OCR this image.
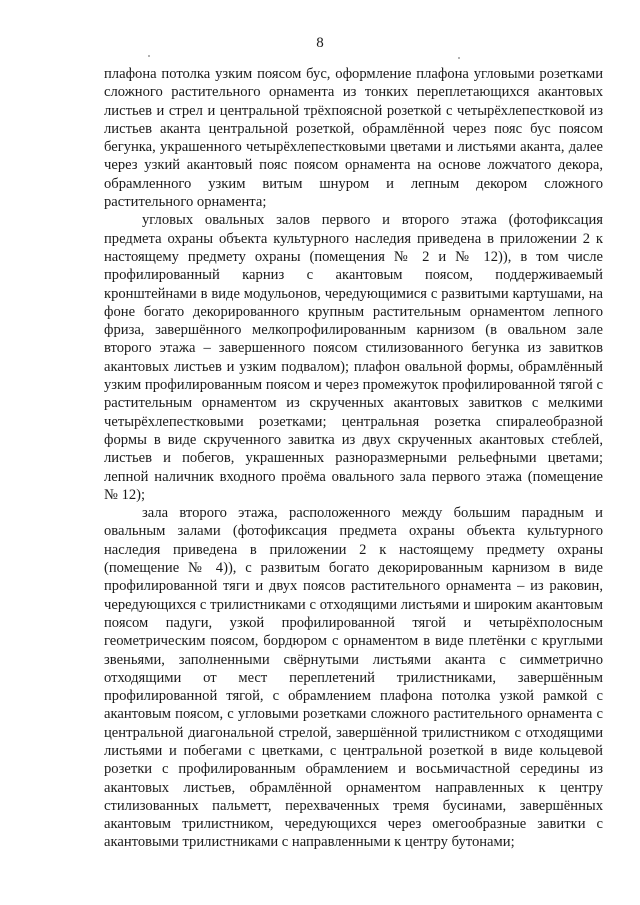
8

плафона потолка узким поясом бус, оформление плафона угловыми розетками сложного растительного орнамента из тонких переплетающихся акантовых листьев и стрел и центральной трёхпоясной розеткой с четырёхлепестковой из листьев аканта центральной розеткой, обрамлённой через пояс бус поясом бегунка, украшенного четырёхлепестковыми цветами и листьями аканта, далее через узкий акантовый пояс поясом орнамента на основе ложчатого декора, обрамленного узким витым шнуром и лепным декором сложного растительного орнамента;

угловых овальных залов первого и второго этажа (фотофиксация предмета охраны объекта культурного наследия приведена в приложении 2 к настоящему предмету охраны (помещения № 2 и № 12)), в том числе профилированный карниз с акантовым поясом, поддерживаемый кронштейнами в виде модульонов, чередующимися с развитыми картушами, на фоне богато декорированного крупным растительным орнаментом лепного фриза, завершённого мелкопрофилированным карнизом (в овальном зале второго этажа – завершенного поясом стилизованного бегунка из завитков акантовых листьев и узким подвалом); плафон овальной формы, обрамлённый узким профилированным поясом и через промежуток профилированной тягой с растительным орнаментом из скрученных акантовых завитков с мелкими четырёхлепестковыми розетками; центральная розетка спиралеобразной формы в виде скрученного завитка из двух скрученных акантовых стеблей, листьев и побегов, украшенных разноразмерными рельефными цветами; лепной наличник входного проёма овального зала первого этажа (помещение № 12);

зала второго этажа, расположенного между большим парадным и овальным залами (фотофиксация предмета охраны объекта культурного наследия приведена в приложении 2 к настоящему предмету охраны (помещение № 4)), с развитым богато декорированным карнизом в виде профилированной тяги и двух поясов растительного орнамента – из раковин, чередующихся с трилистниками с отходящими листьями и широким акантовым поясом падуги, узкой профилированной тягой и четырёхполосным геометрическим поясом, бордюром с орнаментом в виде плетёнки с круглыми звеньями, заполненными свёрнутыми листьями аканта с симметрично отходящими от мест переплетений трилистниками, завершённым профилированной тягой, с обрамлением плафона потолка узкой рамкой с акантовым поясом, с угловыми розетками сложного растительного орнамента с центральной диагональной стрелой, завершённой трилистником с отходящими листьями и побегами с цветками, с центральной розеткой в виде кольцевой розетки с профилированным обрамлением и восьмичастной середины из акантовых листьев, обрамлённой орнаментом направленных к центру стилизованных пальметт, перехваченных тремя бусинами, завершённых акантовым трилистником, чередующихся через омегообразные завитки с акантовыми трилистниками с направленными к центру бутонами;
